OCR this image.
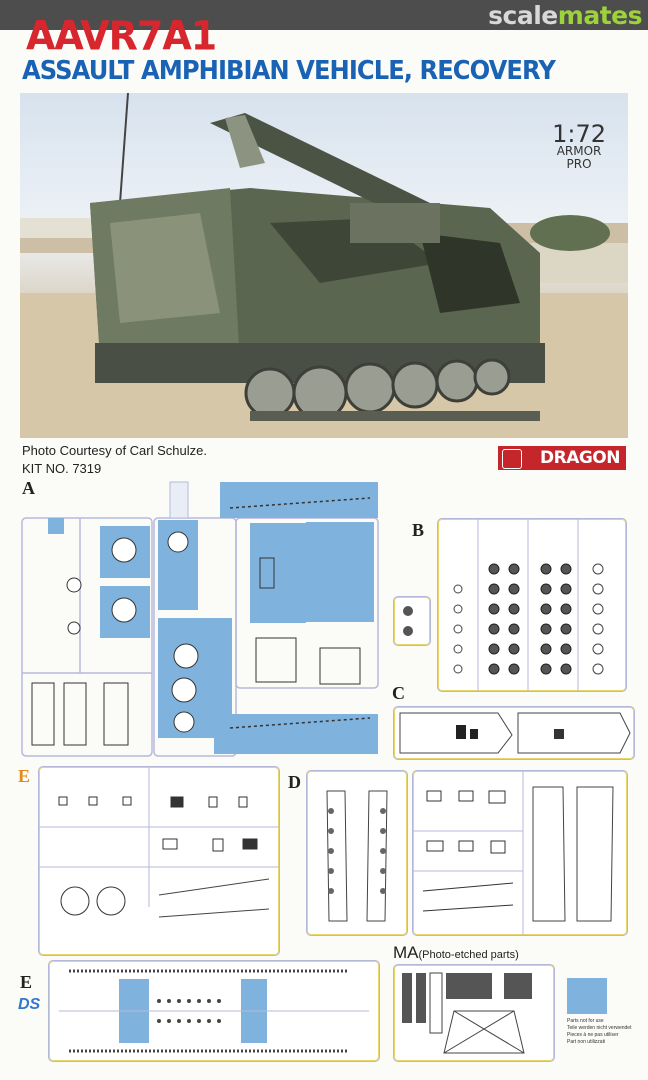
scalemates
AAVR7A1
ASSAULT AMPHIBIAN VEHICLE, RECOVERY
1:72
ARMOR
PRO
Photo Courtesy of Carl Schulze.
KIT NO. 7319
DRAGON
A
B
C
E	D
E
DS
MA(Photo-etched parts)
Parts not for use
Teile werden nicht verwendet
Pieces à ne pas utiliser
Part non utilizzati
